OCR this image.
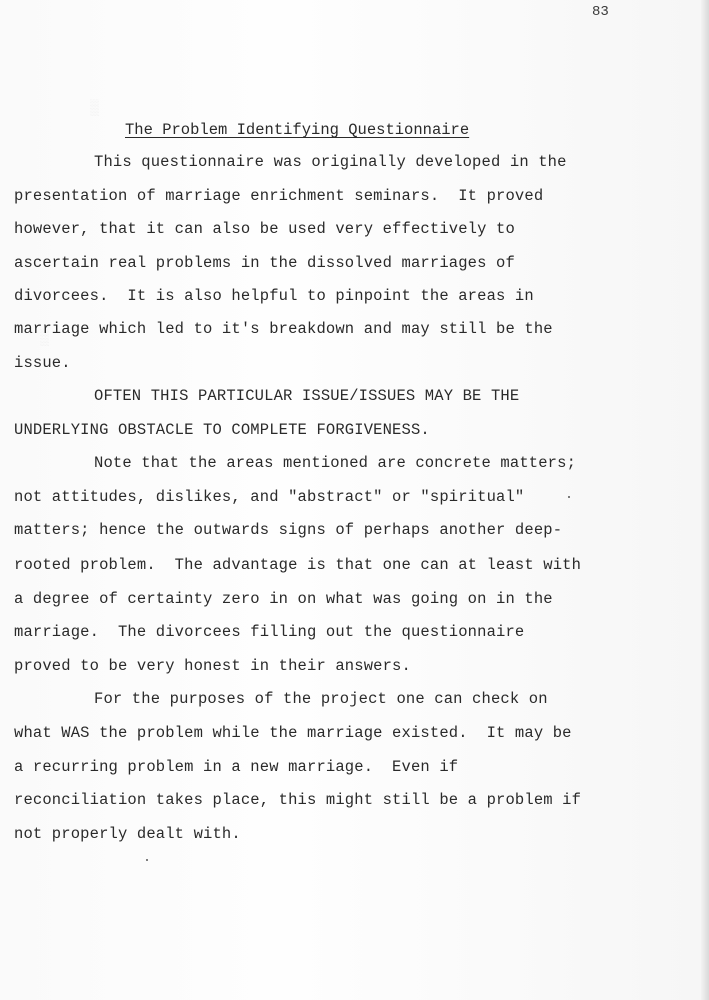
83
The Problem Identifying Questionnaire
This questionnaire was originally developed in the
presentation of marriage enrichment seminars.  It proved
however, that it can also be used very effectively to
ascertain real problems in the dissolved marriages of
divorcees.  It is also helpful to pinpoint the areas in
marriage which led to it's breakdown and may still be the
issue.
OFTEN THIS PARTICULAR ISSUE/ISSUES MAY BE THE
UNDERLYING OBSTACLE TO COMPLETE FORGIVENESS.
Note that the areas mentioned are concrete matters;
not attitudes, dislikes, and "abstract" or "spiritual"
matters; hence the outwards signs of perhaps another deep-
rooted problem.  The advantage is that one can at least with
a degree of certainty zero in on what was going on in the
marriage.  The divorcees filling out the questionnaire
proved to be very honest in their answers.
For the purposes of the project one can check on
what WAS the problem while the marriage existed.  It may be
a recurring problem in a new marriage.  Even if
reconciliation takes place, this might still be a problem if
not properly dealt with.
